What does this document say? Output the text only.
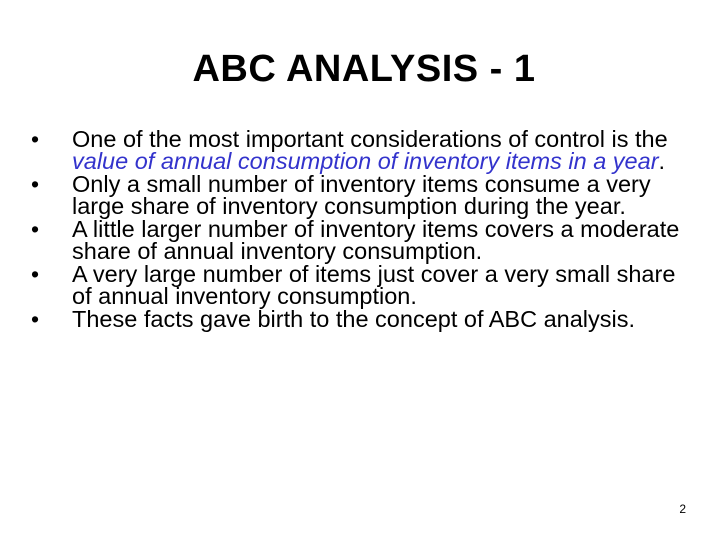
ABC ANALYSIS - 1
• One of the most important considerations of control is the value of annual consumption of inventory items in a year.
• Only a small number of inventory items consume a very large share of inventory consumption during the year.
• A little larger number of inventory items covers a moderate share of annual inventory consumption.
• A very large number of items just cover a very small share of annual inventory consumption.
• These facts gave birth to the concept of ABC analysis.
2
